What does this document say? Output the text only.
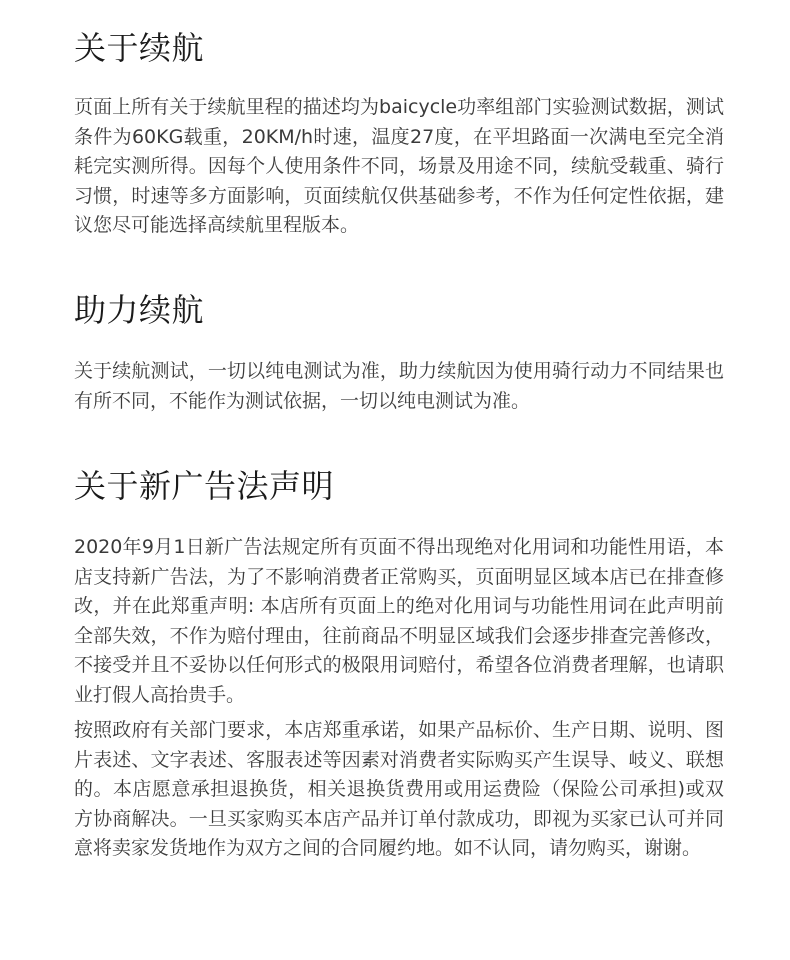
关于续航

页面上所有关于续航里程的描述均为baicycle功率组部门实验测试数据，测试条件为60KG载重，20KM/h时速，温度27度，在平坦路面一次满电至完全消耗完实测所得。因每个人使用条件不同，场景及用途不同，续航受载重、骑行习惯，时速等多方面影响，页面续航仅供基础参考，不作为任何定性依据，建议您尽可能选择高续航里程版本。

助力续航

关于续航测试，一切以纯电测试为准，助力续航因为使用骑行动力不同结果也有所不同，不能作为测试依据，一切以纯电测试为准。

关于新广告法声明

2020年9月1日新广告法规定所有页面不得出现绝对化用词和功能性用语，本店支持新广告法，为了不影响消费者正常购买，页面明显区域本店已在排查修改，并在此郑重声明: 本店所有页面上的绝对化用词与功能性用词在此声明前全部失效，不作为赔付理由，往前商品不明显区域我们会逐步排查完善修改，不接受并且不妥协以任何形式的极限用词赔付，希望各位消费者理解，也请职业打假人高抬贵手。

按照政府有关部门要求，本店郑重承诺，如果产品标价、生产日期、说明、图片表述、文字表述、客服表述等因素对消费者实际购买产生误导、岐义、联想的。本店愿意承担退换货，相关退换货费用或用运费险（保险公司承担)或双方协商解决。一旦买家购买本店产品并订单付款成功，即视为买家已认可并同意将卖家发货地作为双方之间的合同履约地。如不认同，请勿购买，谢谢。
